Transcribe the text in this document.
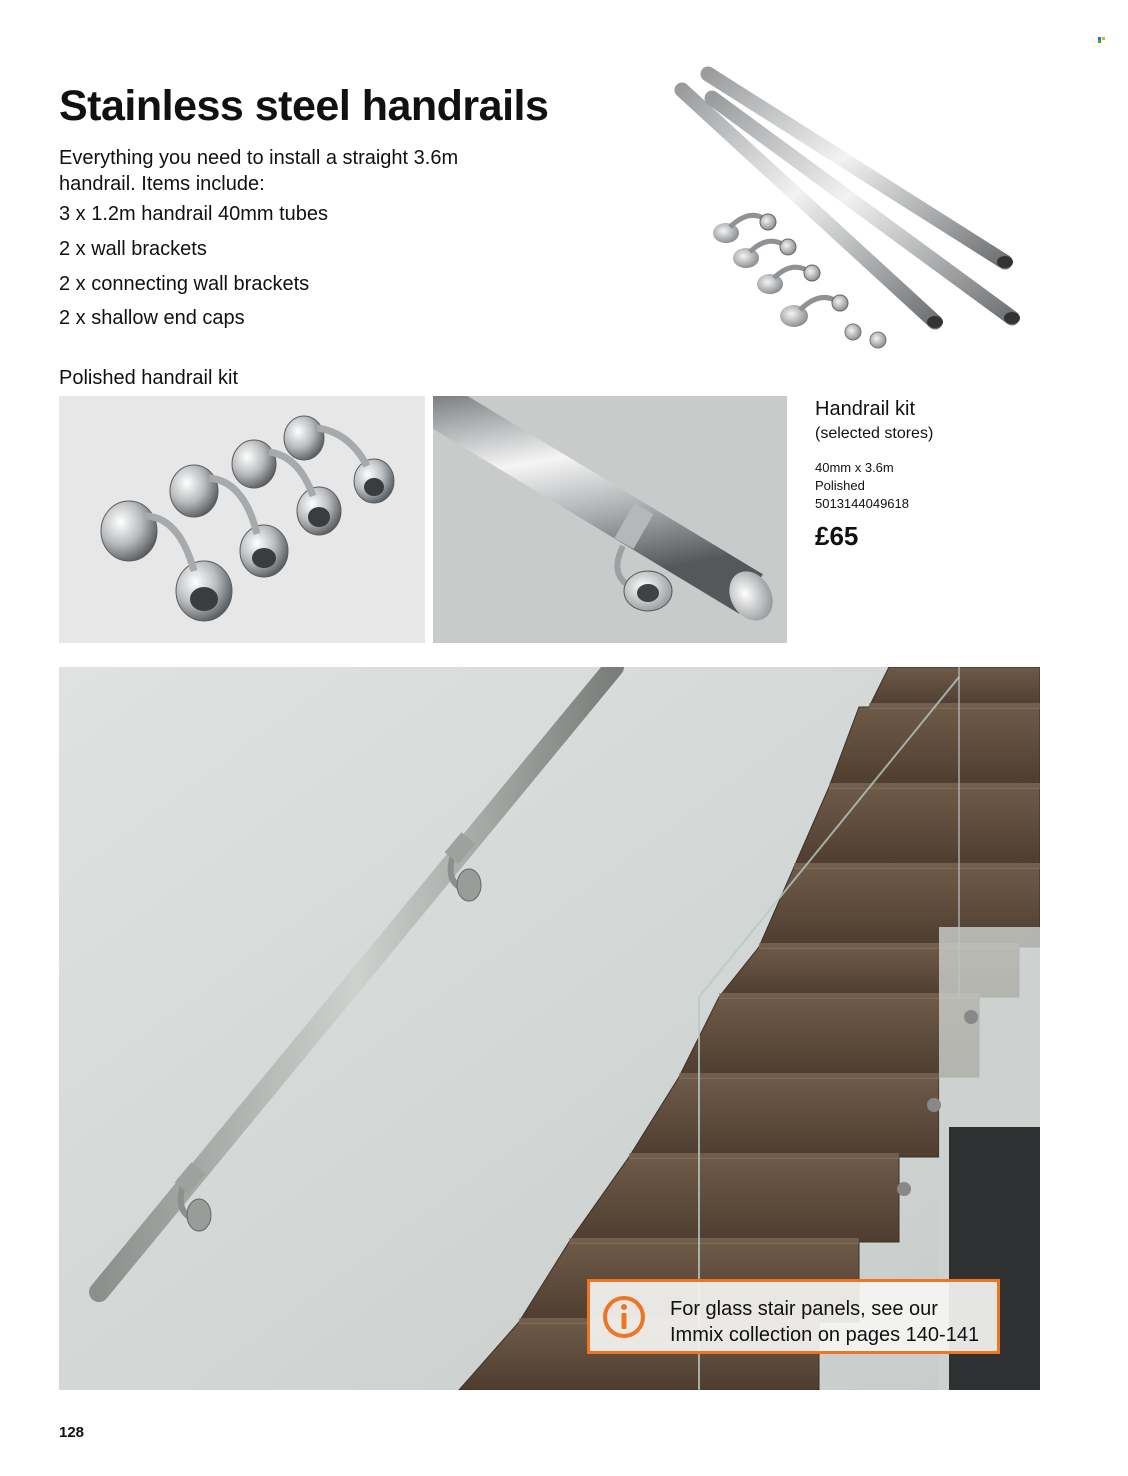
Stainless steel handrails
Everything you need to install a straight 3.6m handrail. Items include:
3 x 1.2m handrail 40mm tubes
2 x wall brackets
2 x connecting wall brackets
2 x shallow end caps
Polished handrail kit
Handrail kit
(selected stores)
40mm x 3.6m
Polished
5013144049618
£65
For glass stair panels, see our
Immix collection on pages 140-141
128
